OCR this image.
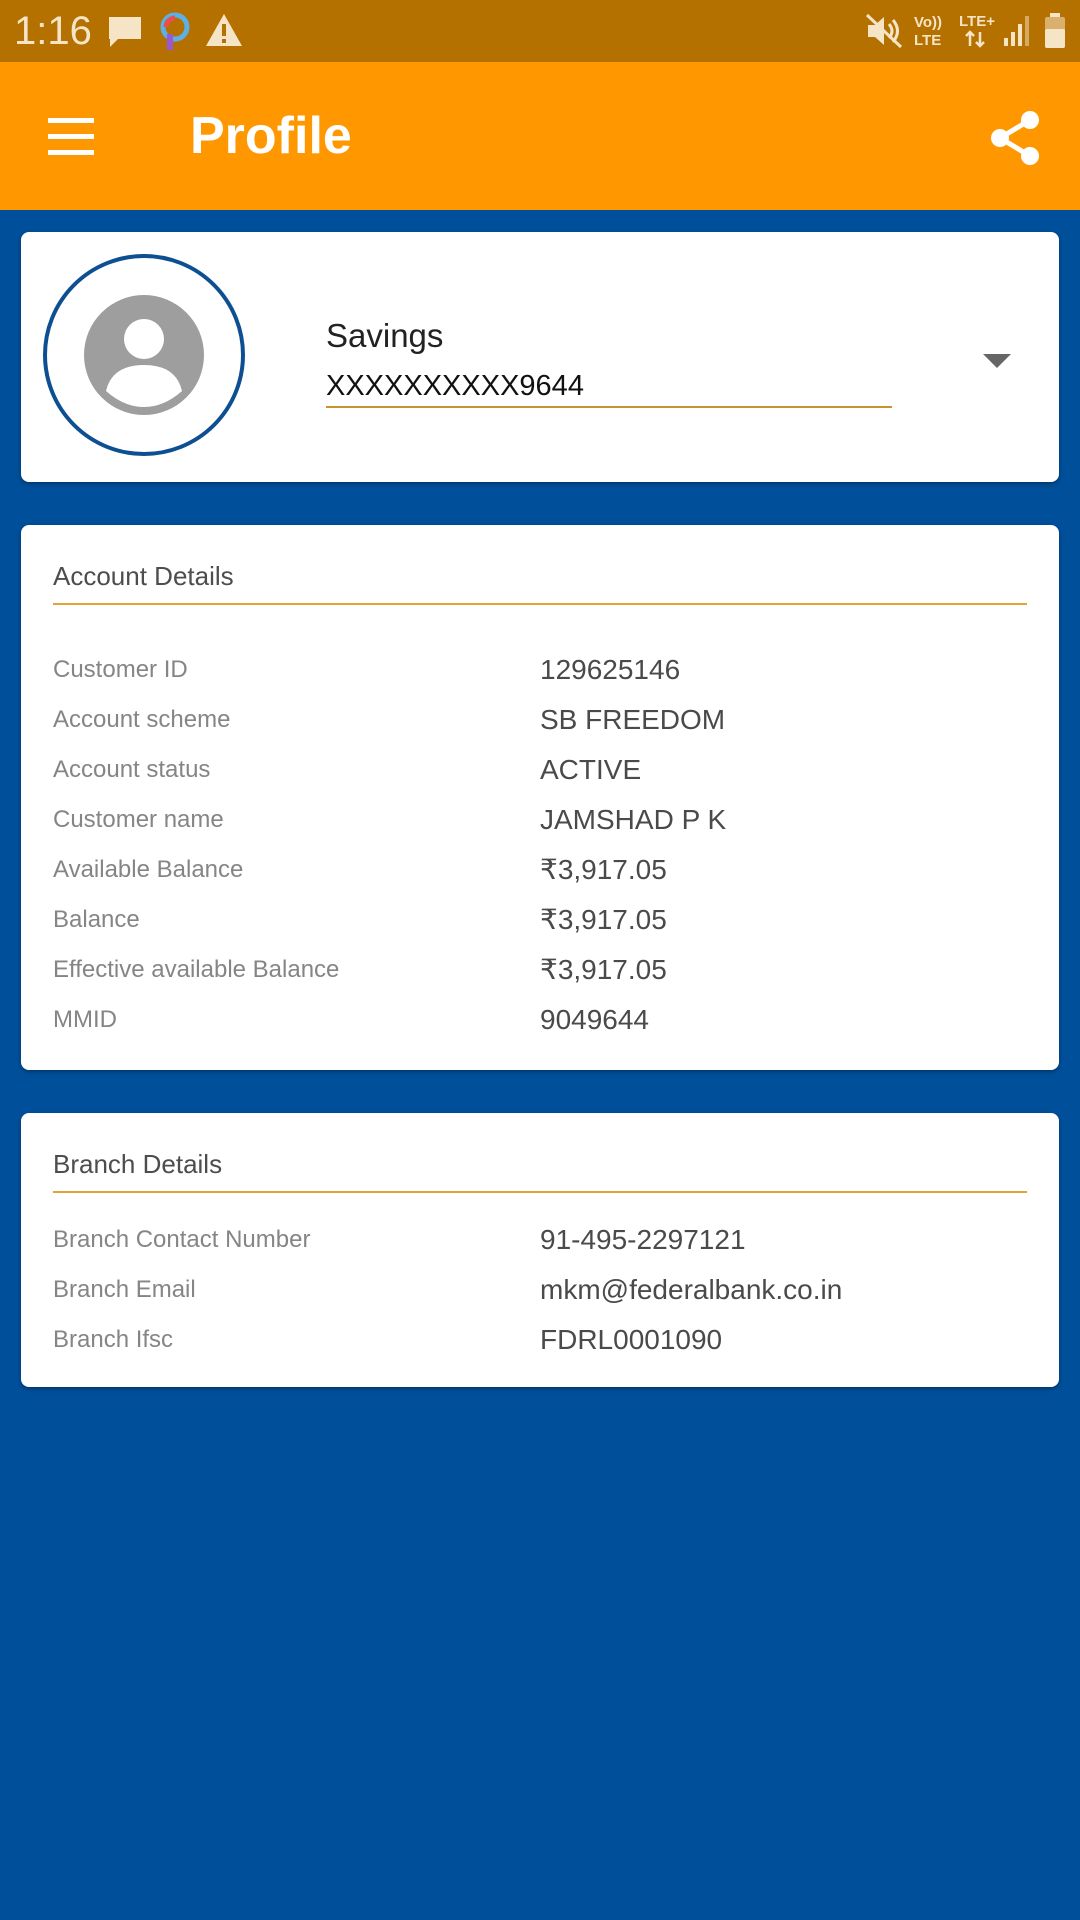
1:16	Vo))
LTE
LTE+
Profile
Savings
XXXXXXXXXX9644
Account Details
Customer ID	129625146
Account scheme	SB FREEDOM
Account status	ACTIVE
Customer name	JAMSHAD P K
Available Balance	₹3,917.05
Balance	₹3,917.05
Effective available Balance	₹3,917.05
MMID	9049644
Branch Details
Branch Contact Number	91-495-2297121
Branch Email	mkm@federalbank.co.in
Branch Ifsc	FDRL0001090
